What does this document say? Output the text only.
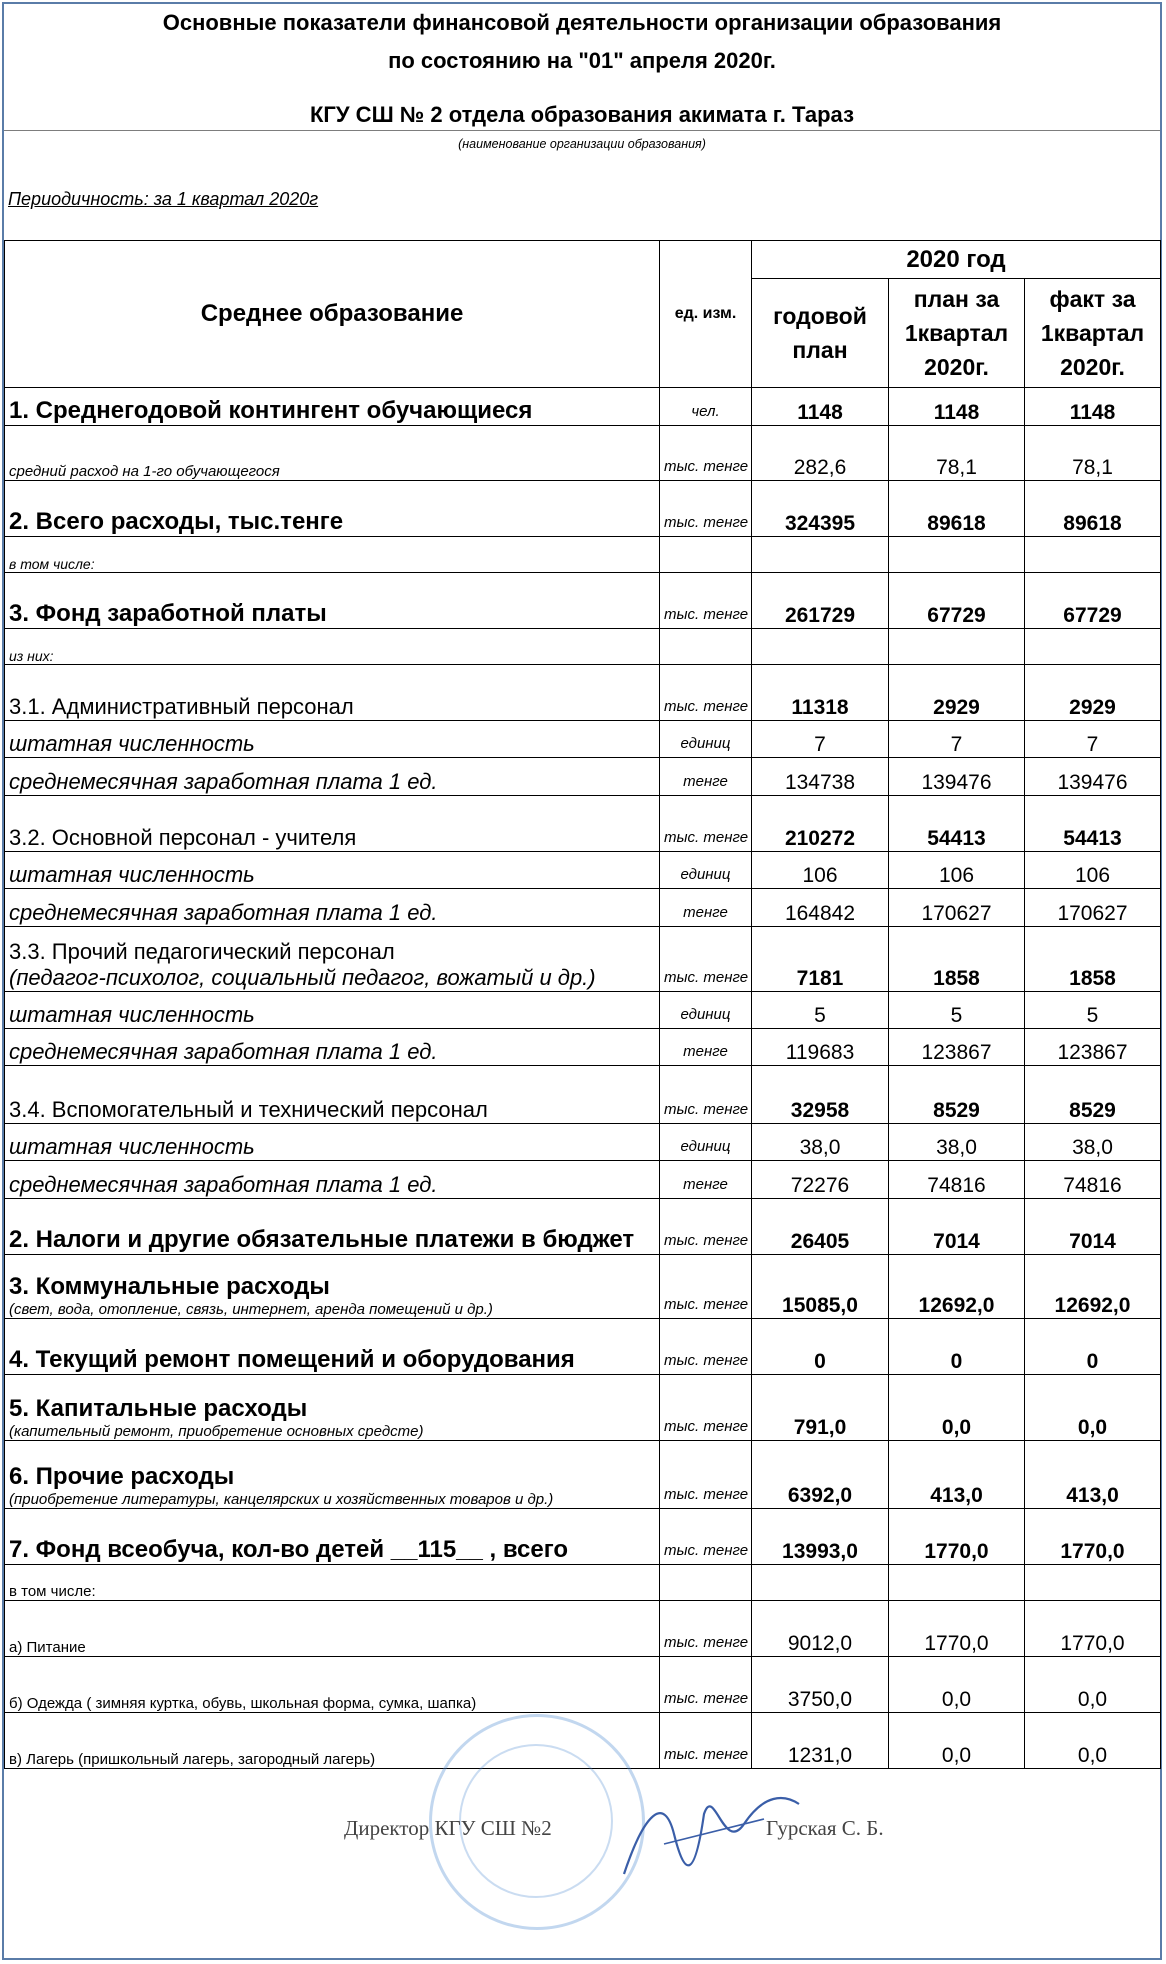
Основные показатели финансовой деятельности организации образования
по состоянию на "01" апреля 2020г.
КГУ СШ № 2 отдела образования акимата г. Тараз
(наименование организации образования)
Периодичность: за 1 квартал 2020г
Среднее образование	ед. изм.	2020 год		
		годовой план	план за 1квартал 2020г.	факт за 1квартал 2020г.

1. Среднегодовой контингент обучающиеся	чел.	1148	1148	1148

средний расход на 1-го обучающегося	тыс. тенге	282,6	78,1	78,1

2. Всего расходы, тыс.тенге	тыс. тенге	324395	89618	89618

в том числе:				

3. Фонд заработной платы	тыс. тенге	261729	67729	67729

из них:				

3.1. Административный персонал	тыс. тенге	11318	2929	2929

штатная численность	единиц	7	7	7

среднемесячная заработная плата 1 ед.	тенге	134738	139476	139476

3.2. Основной персонал - учителя	тыс. тенге	210272	54413	54413

штатная численность	единиц	106	106	106

среднемесячная заработная плата 1 ед.	тенге	164842	170627	170627

3.3. Прочий педагогический персонал
(педагог-психолог, социальный педагог, вожатый и др.)	тыс. тенге	7181	1858	1858

штатная численность	единиц	5	5	5

среднемесячная заработная плата 1 ед.	тенге	119683	123867	123867

3.4. Вспомогательный и технический персонал	тыс. тенге	32958	8529	8529

штатная численность	единиц	38,0	38,0	38,0

среднемесячная заработная плата 1 ед.	тенге	72276	74816	74816

2. Налоги и другие обязательные платежи в бюджет	тыс. тенге	26405	7014	7014

3. Коммунальные расходы
(свет, вода, отопление, связь, интернет, аренда помещений и др.)	тыс. тенге	15085,0	12692,0	12692,0

4. Текущий ремонт помещений и оборудования	тыс. тенге	0	0	0

5. Капитальные расходы
(капительный ремонт, приобретение основных средсте)	тыс. тенге	791,0	0,0	0,0

6. Прочие расходы
(приобретение литературы, канцелярских и хозяйственных товаров и др.)	тыс. тенге	6392,0	413,0	413,0

7. Фонд всеобуча, кол-во детей __115__ , всего	тыс. тенге	13993,0	1770,0	1770,0

в том числе:				

а) Питание	тыс. тенге	9012,0	1770,0	1770,0

б) Одежда ( зимняя куртка, обувь, школьная форма, сумка, шапка)	тыс. тенге	3750,0	0,0	0,0

в) Лагерь (пришкольный лагерь, загородный лагерь)	тыс. тенге	1231,0	0,0	0,0
Директор КГУ СШ №2	Гурская С. Б.
